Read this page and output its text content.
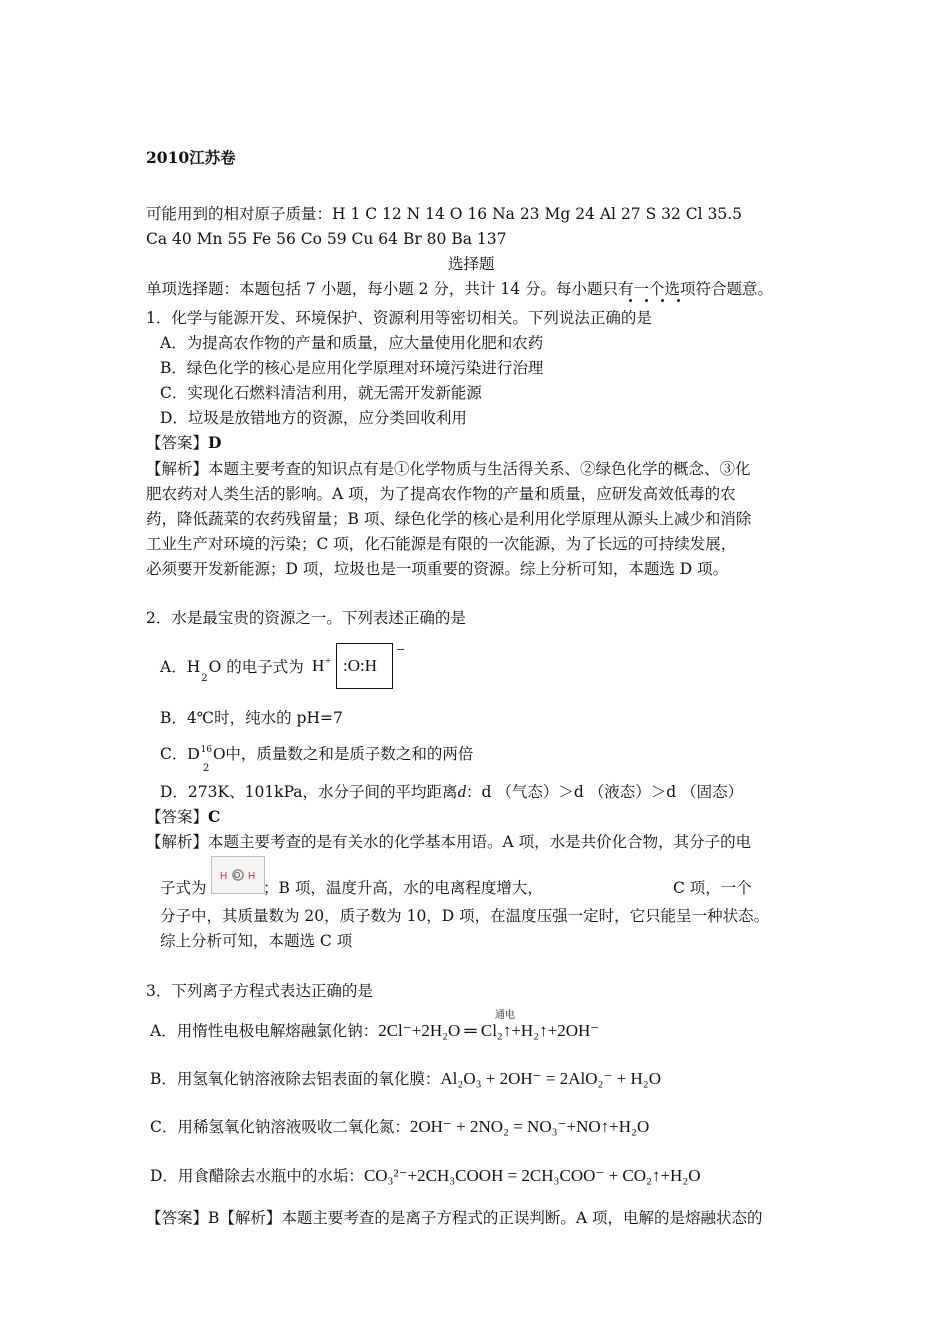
2010江苏卷
可能用到的相对原子质量：H 1 C 12 N 14 O 16 Na 23 Mg 24 Al 27 S 32 Cl 35.5
Ca 40 Mn 55 Fe 56 Co 59 Cu 64 Br 80 Ba 137
选择题
单项选择题：本题包括 7 小题，每小题 2 分，共计 14 分。每小题只有一个选项符合题意。
1．化学与能源开发、环境保护、资源利用等密切相关。下列说法正确的是
A．为提高农作物的产量和质量，应大量使用化肥和农药
B．绿色化学的核心是应用化学原理对环境污染进行治理
C．实现化石燃料清洁利用，就无需开发新能源
D．垃圾是放错地方的资源，应分类回收利用
【答案】D
【解析】本题主要考查的知识点有是①化学物质与生活得关系、②绿色化学的概念、③化
肥农药对人类生活的影响。A 项，为了提高农作物的产量和质量，应研发高效低毒的农
药，降低蔬菜的农药残留量；B 项、绿色化学的核心是利用化学原理从源头上减少和消除
工业生产对环境的污染；C 项，化石能源是有限的一次能源，为了长远的可持续发展，
必须要开发新能源；D 项，垃圾也是一项重要的资源。综上分析可知，本题选 D 项。
2．水是最宝贵的资源之一。下列表述正确的是
A．$H_2O$ 的电子式为 H+ :O:H
−
B．4℃时，纯水的 pH=7
C．$D^{16}O$中，质量数之和是质子数之和的两倍
2
D．273K、101kPa，水分子间的平均距离d：d （气态）＞d （液态）＞d （固态）
【答案】C
【解析】本题主要考查的是有关水的化学基本用语。A 项，水是共价化合物，其分子的电
子式为
H O H
；B 项，温度升高，水的电离程度增大，	C 项，一个
分子中，其质量数为 20，质子数为 10，D 项，在温度压强一定时，它只能呈一种状态。
综上分析可知，本题选 C 项
3．下列离子方程式表达正确的是
A．用惰性电极电解熔融氯化钠：2Cl⁻+2H₂O ═ Cl₂↑+H₂↑+2OH⁻
通电
B．用氢氧化钠溶液除去铝表面的氧化膜：Al₂O₃ + 2OH⁻ = 2AlO₂⁻ + H₂O
C．用稀氢氧化钠溶液吸收二氧化氮：2OH⁻ + 2NO₂ = NO₃⁻+NO↑+H₂O
D．用食醋除去水瓶中的水垢：CO₃²⁻+2CH₃COOH = 2CH₃COO⁻ + CO₂↑+H₂O
【答案】B【解析】本题主要考查的是离子方程式的正误判断。A 项，电解的是熔融状态的
